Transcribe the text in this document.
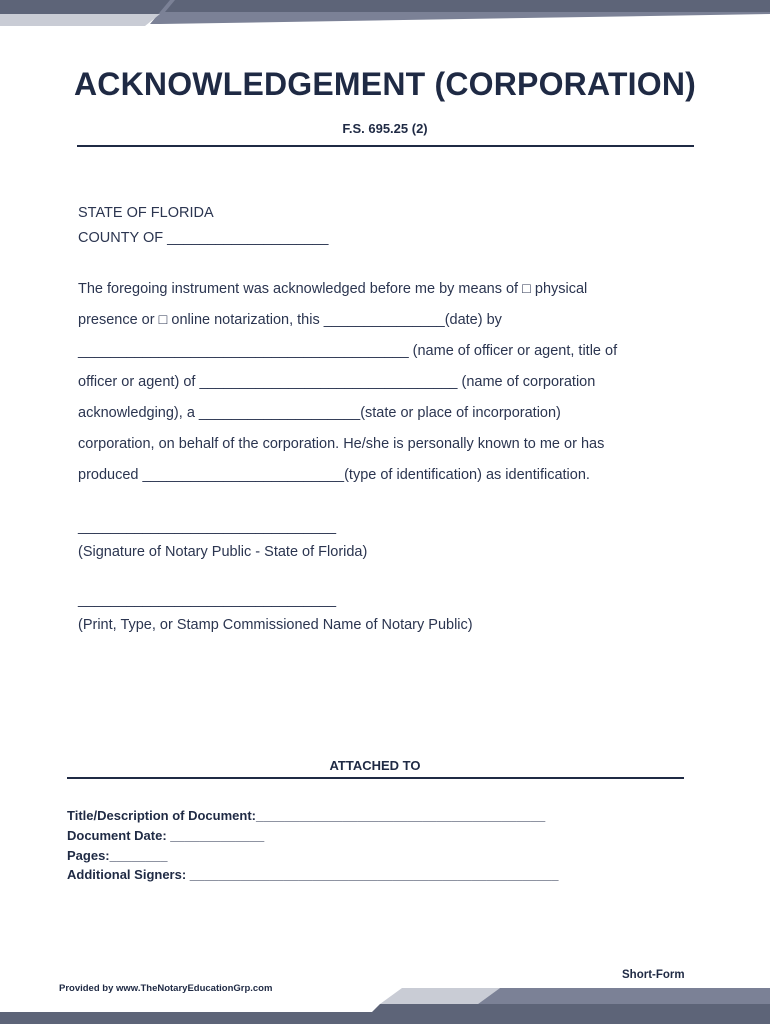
ACKNOWLEDGEMENT (CORPORATION)
F.S. 695.25 (2)
STATE OF FLORIDA
COUNTY OF ____________________
The foregoing instrument was acknowledged before me by means of □ physical
presence or □ online notarization, this _______________(date) by
_________________________________________ (name of officer or agent, title of
officer or agent) of ________________________________ (name of corporation
acknowledging), a ____________________(state or place of incorporation)
corporation, on behalf of the corporation. He/she is personally known to me or has
produced _________________________(type of identification) as identification.
________________________________
(Signature of Notary Public - State of Florida)
________________________________
(Print, Type, or Stamp Commissioned Name of Notary Public)
ATTACHED TO
Title/Description of Document:________________________________________
Document Date: _____________
Pages:________
Additional Signers: ___________________________________________________
Provided by www.TheNotaryEducationGrp.com
Short-Form
